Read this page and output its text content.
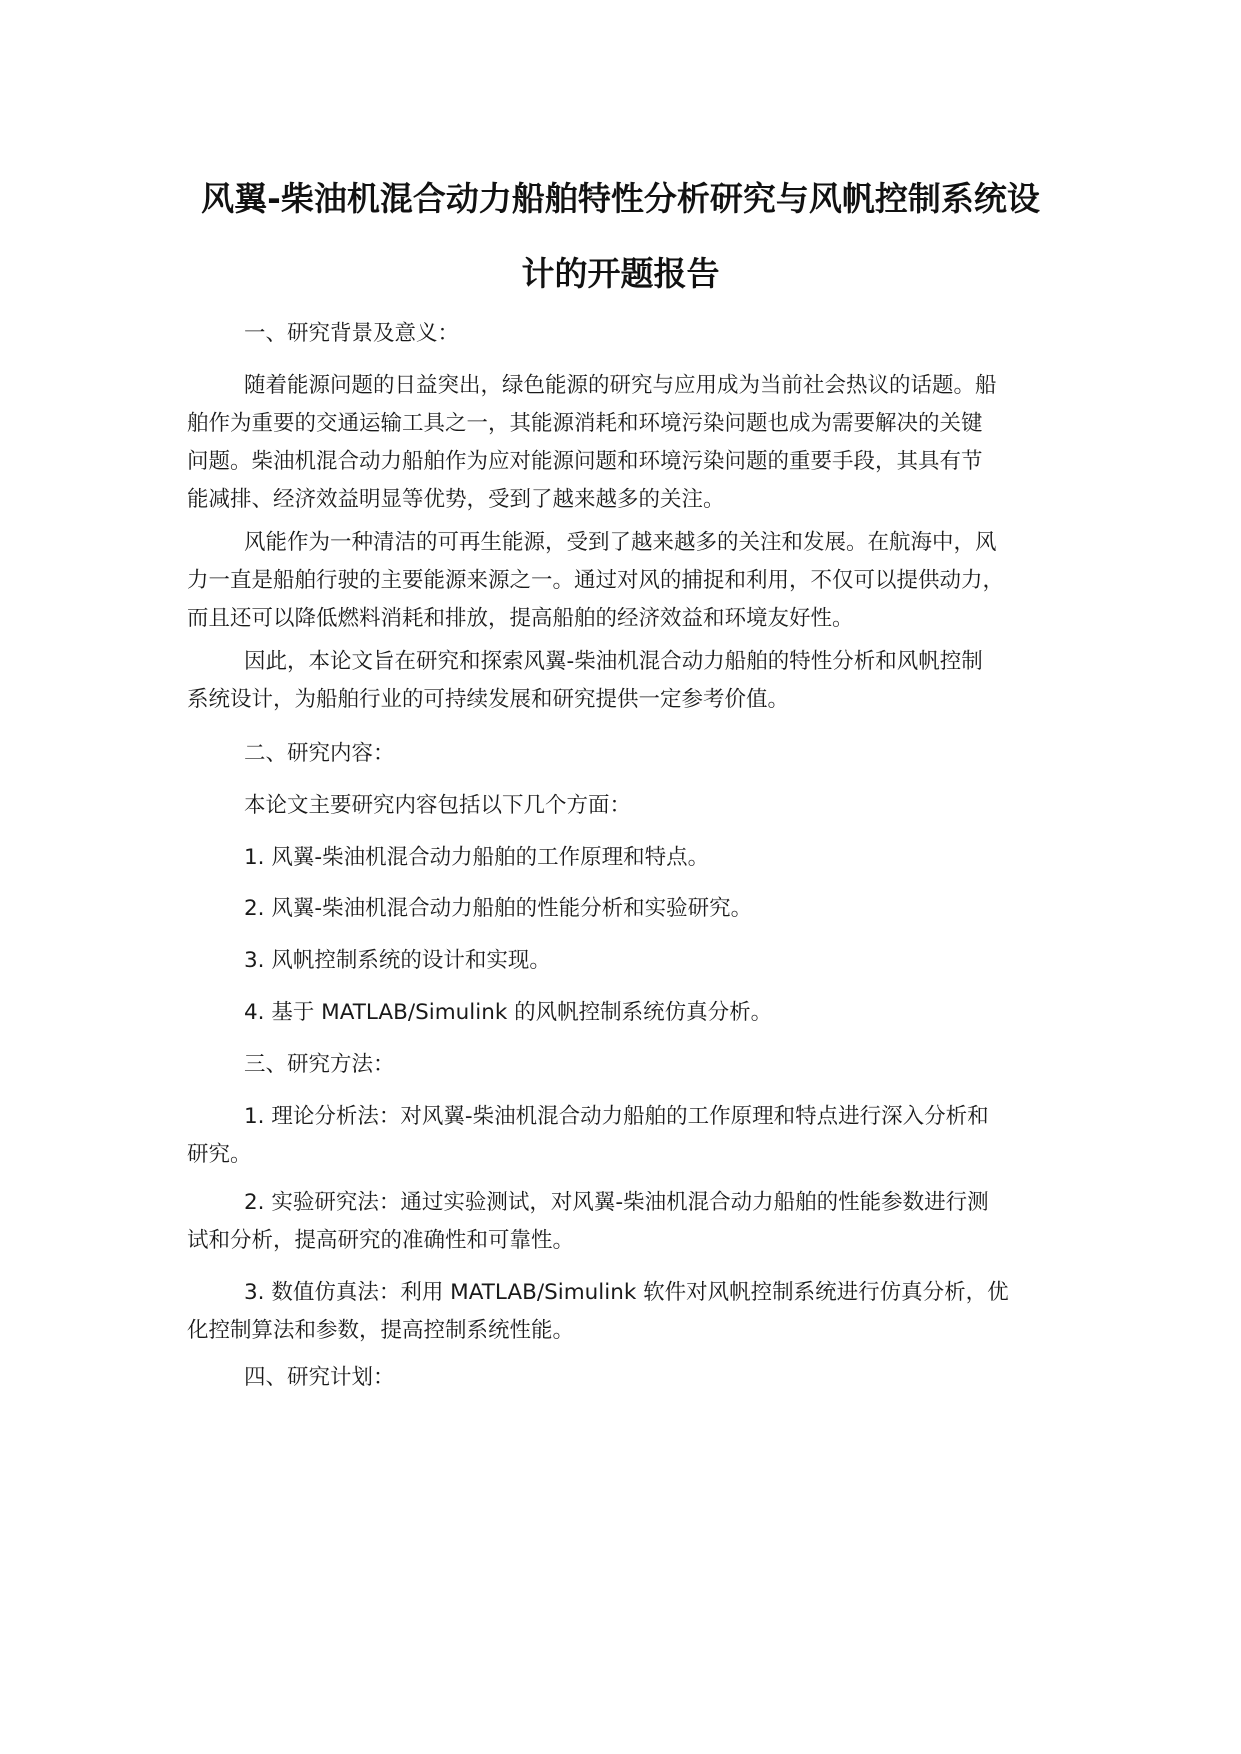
风翼-柴油机混合动力船舶特性分析研究与风帆控制系统设
计的开题报告
一、研究背景及意义：
随着能源问题的日益突出，绿色能源的研究与应用成为当前社会热议的话题。船
舶作为重要的交通运输工具之一，其能源消耗和环境污染问题也成为需要解决的关键
问题。柴油机混合动力船舶作为应对能源问题和环境污染问题的重要手段，其具有节
能减排、经济效益明显等优势，受到了越来越多的关注。
风能作为一种清洁的可再生能源，受到了越来越多的关注和发展。在航海中，风
力一直是船舶行驶的主要能源来源之一。通过对风的捕捉和利用，不仅可以提供动力，
而且还可以降低燃料消耗和排放，提高船舶的经济效益和环境友好性。
因此，本论文旨在研究和探索风翼-柴油机混合动力船舶的特性分析和风帆控制
系统设计，为船舶行业的可持续发展和研究提供一定参考价值。
二、研究内容：
本论文主要研究内容包括以下几个方面：
1. 风翼-柴油机混合动力船舶的工作原理和特点。
2. 风翼-柴油机混合动力船舶的性能分析和实验研究。
3. 风帆控制系统的设计和实现。
4. 基于 MATLAB/Simulink 的风帆控制系统仿真分析。
三、研究方法：
1. 理论分析法：对风翼-柴油机混合动力船舶的工作原理和特点进行深入分析和
研究。
2. 实验研究法：通过实验测试，对风翼-柴油机混合动力船舶的性能参数进行测
试和分析，提高研究的准确性和可靠性。
3. 数值仿真法：利用 MATLAB/Simulink 软件对风帆控制系统进行仿真分析，优
化控制算法和参数，提高控制系统性能。
四、研究计划：
